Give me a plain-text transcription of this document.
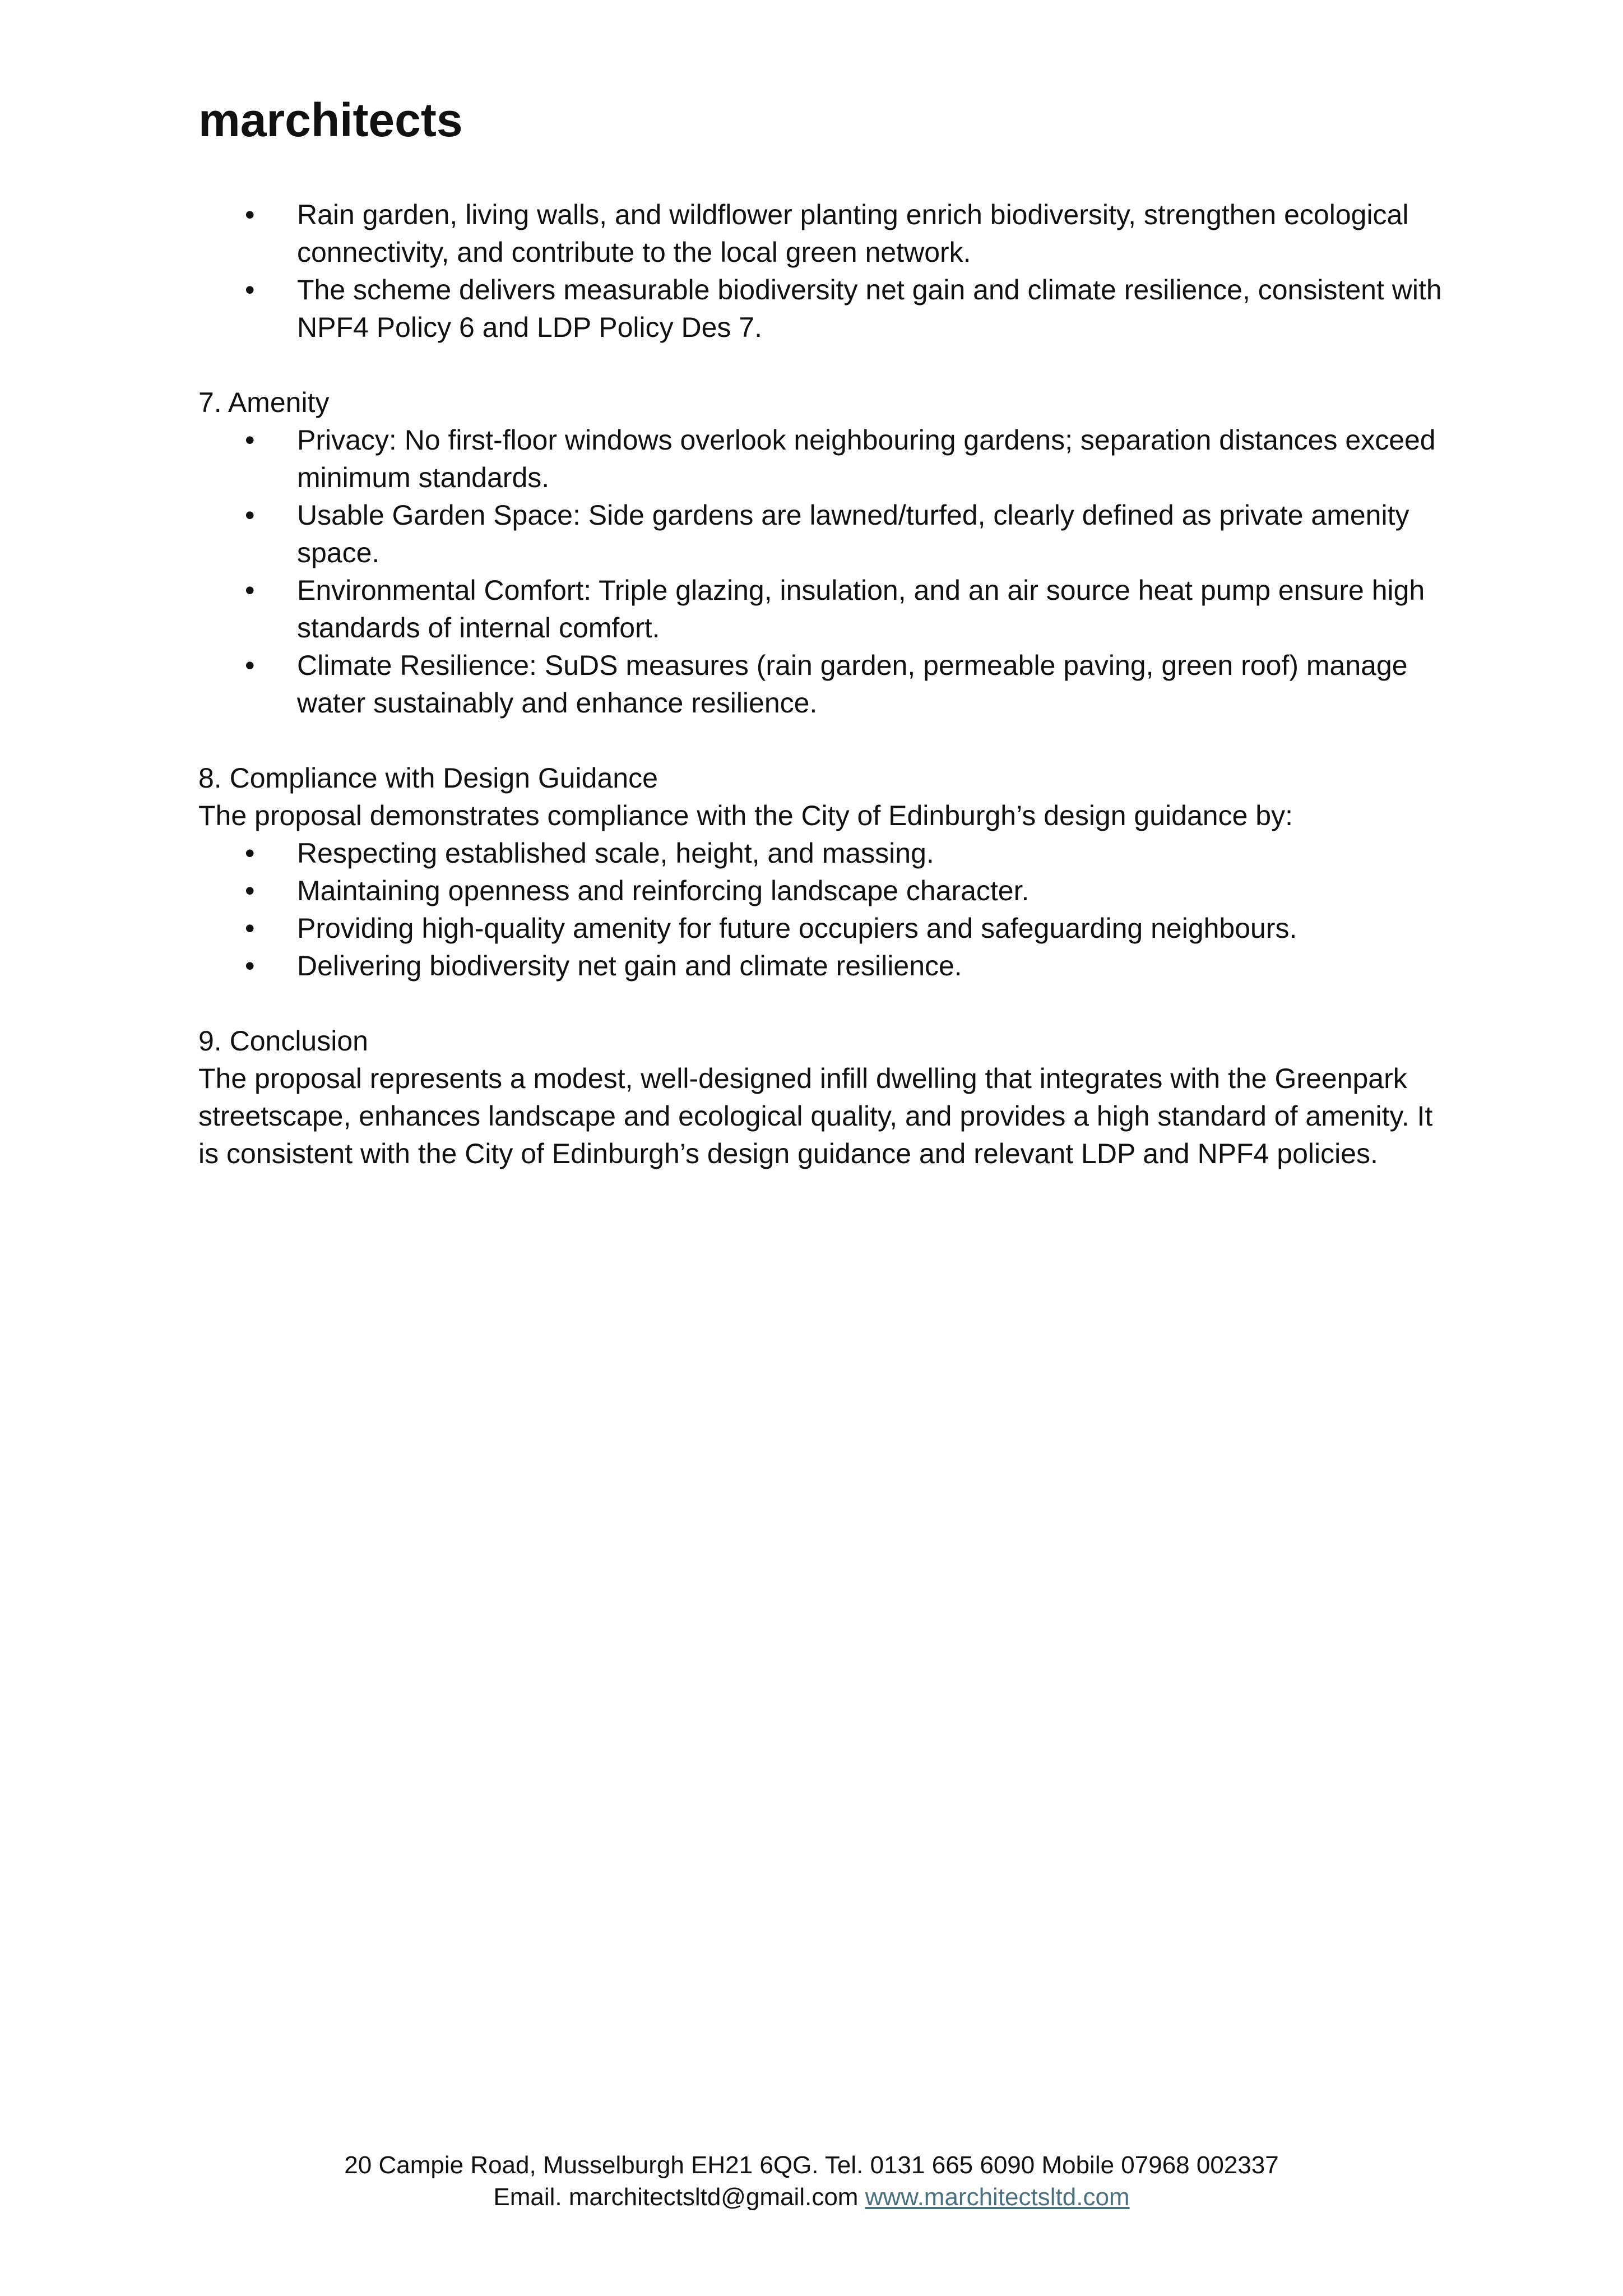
marchitects
• Rain garden, living walls, and wildflower planting enrich biodiversity, strengthen ecological connectivity, and contribute to the local green network.
• The scheme delivers measurable biodiversity net gain and climate resilience, consistent with NPF4 Policy 6 and LDP Policy Des 7.

7. Amenity

• Privacy: No first-floor windows overlook neighbouring gardens; separation distances exceed minimum standards.
• Usable Garden Space: Side gardens are lawned/turfed, clearly defined as private amenity space.
• Environmental Comfort: Triple glazing, insulation, and an air source heat pump ensure high standards of internal comfort.
• Climate Resilience: SuDS measures (rain garden, permeable paving, green roof) manage water sustainably and enhance resilience.

8. Compliance with Design Guidance

The proposal demonstrates compliance with the City of Edinburgh’s design guidance by:

• Respecting established scale, height, and massing.
• Maintaining openness and reinforcing landscape character.
• Providing high-quality amenity for future occupiers and safeguarding neighbours.
• Delivering biodiversity net gain and climate resilience.

9. Conclusion

The proposal represents a modest, well-designed infill dwelling that integrates with the Greenpark streetscape, enhances landscape and ecological quality, and provides a high standard of amenity. It is consistent with the City of Edinburgh’s design guidance and relevant LDP and NPF4 policies.

20 Campie Road, Musselburgh EH21 6QG. Tel. 0131 665 6090 Mobile 07968 002337
Email. marchitectsltd@gmail.com www.marchitectsltd.com
